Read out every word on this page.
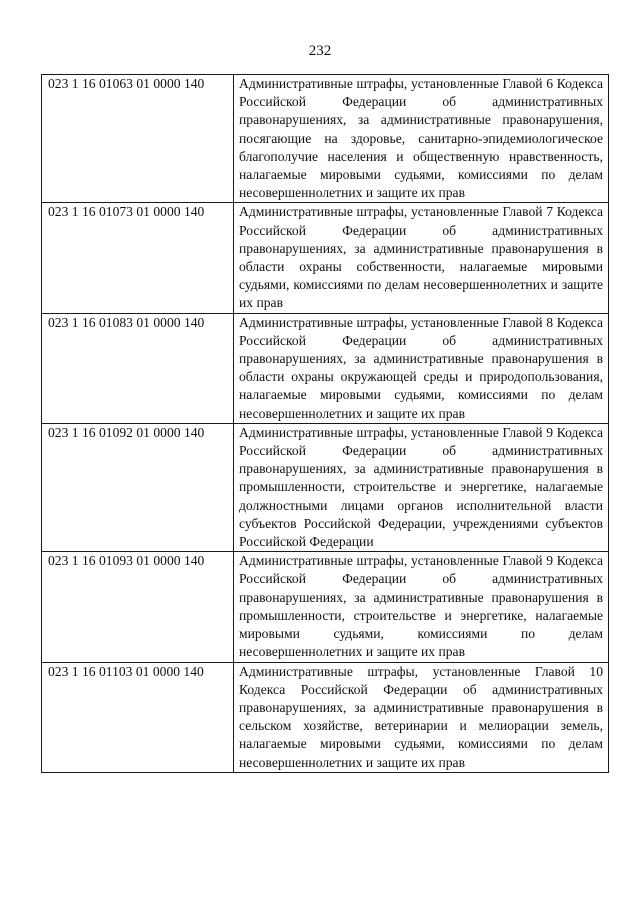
232
023 1 16 01063 01 0000 140	Административные штрафы, установленные Главой 6 Кодекса Российской Федерации об административных правонарушениях, за административные правонарушения, посягающие на здоровье, санитарно-эпидемиологическое благополучие населения и общественную нравственность, налагаемые мировыми судьями, комиссиями по делам несовершеннолетних и защите их прав
023 1 16 01073 01 0000 140	Административные штрафы, установленные Главой 7 Кодекса Российской Федерации об административных правонарушениях, за административные правонарушения в области охраны собственности, налагаемые мировыми судьями, комиссиями по делам несовершеннолетних и защите их прав
023 1 16 01083 01 0000 140	Административные штрафы, установленные Главой 8 Кодекса Российской Федерации об административных правонарушениях, за административные правонарушения в области охраны окружающей среды и природопользования, налагаемые мировыми судьями, комиссиями по делам несовершеннолетних и защите их прав
023 1 16 01092 01 0000 140	Административные штрафы, установленные Главой 9 Кодекса Российской Федерации об административных правонарушениях, за административные правонарушения в промышленности, строительстве и энергетике, налагаемые должностными лицами органов исполнительной власти субъектов Российской Федерации, учреждениями субъектов Российской Федерации
023 1 16 01093 01 0000 140	Административные штрафы, установленные Главой 9 Кодекса Российской Федерации об административных правонарушениях, за административные правонарушения в промышленности, строительстве и энергетике, налагаемые мировыми судьями, комиссиями по делам несовершеннолетних и защите их прав
023 1 16 01103 01 0000 140	Административные штрафы, установленные Главой 10 Кодекса Российской Федерации об административных правонарушениях, за административные правонарушения в сельском хозяйстве, ветеринарии и мелиорации земель, налагаемые мировыми судьями, комиссиями по делам несовершеннолетних и защите их прав
